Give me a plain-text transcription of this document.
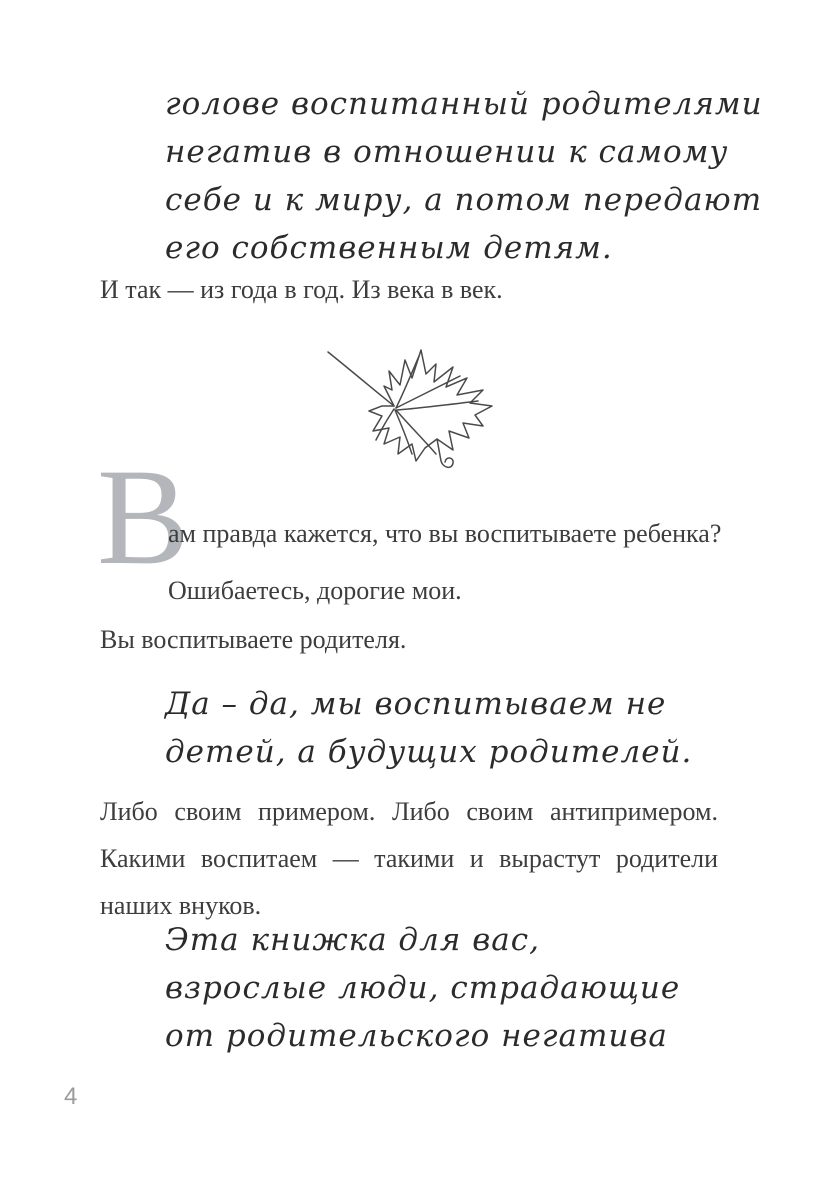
голове воспитанный родителями
негатив в отношении к самому
себе и к миру, а потом передают
его собственным детям.
И так — из года в год. Из века в век.
В
ам правда кажется, что вы воспитываете ребенка?
Ошибаетесь, дорогие мои.
Вы воспитываете родителя.
Да – да, мы воспитываем не
детей, а будущих родителей.
Либо своим примером. Либо своим антипримером.
Какими воспитаем — такими и вырастут родители
наших внуков.
Эта книжка для вас,
взрослые люди, страдающие
от родительского негатива
4
